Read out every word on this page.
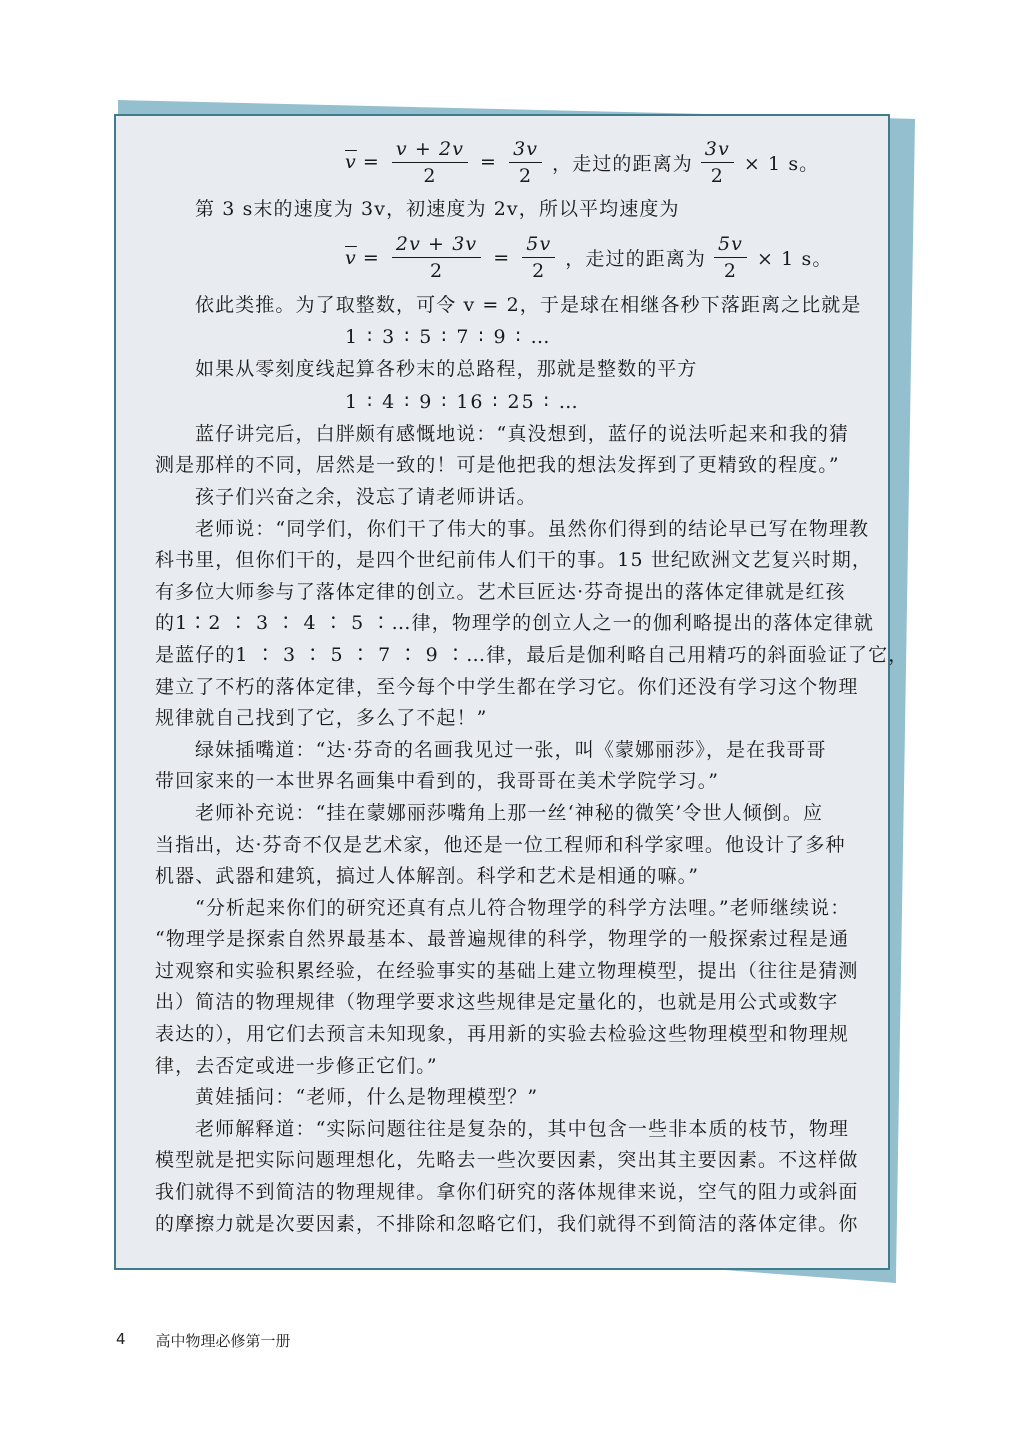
$\overline{v} = \frac{v + 2v}{2} = \frac{3v}{2}$ ，走过的距离为 $\frac{3v}{2} \times 1$ s。
第 3 s末的速度为 3v，初速度为 2v，所以平均速度为
$\overline{v} = \frac{2v + 3v}{2} = \frac{5v}{2}$ ，走过的距离为 $\frac{5v}{2} \times 1$ s。
依此类推。为了取整数，可令 v = 2，于是球在相继各秒下落距离之比就是
1 ∶ 3 ∶ 5 ∶ 7 ∶ 9 ∶ …
如果从零刻度线起算各秒末的总路程，那就是整数的平方
1 ∶ 4 ∶ 9 ∶ 16 ∶ 25 ∶ …
蓝仔讲完后，白胖颇有感慨地说：“真没想到，蓝仔的说法听起来和我的猜
测是那样的不同，居然是一致的！可是他把我的想法发挥到了更精致的程度。”
孩子们兴奋之余，没忘了请老师讲话。
老师说：“同学们，你们干了伟大的事。虽然你们得到的结论早已写在物理教
科书里，但你们干的，是四个世纪前伟人们干的事。15 世纪欧洲文艺复兴时期，
有多位大师参与了落体定律的创立。艺术巨匠达·芬奇提出的落体定律就是红孩
的1∶2 ∶ 3 ∶ 4 ∶ 5 ∶…律，物理学的创立人之一的伽利略提出的落体定律就
是蓝仔的1 ∶ 3 ∶ 5 ∶ 7 ∶ 9 ∶…律，最后是伽利略自己用精巧的斜面验证了它，
建立了不朽的落体定律，至今每个中学生都在学习它。你们还没有学习这个物理
规律就自己找到了它，多么了不起！”
绿妹插嘴道：“达·芬奇的名画我见过一张，叫《蒙娜丽莎》，是在我哥哥
带回家来的一本世界名画集中看到的，我哥哥在美术学院学习。”
老师补充说：“挂在蒙娜丽莎嘴角上那一丝‘神秘的微笑’令世人倾倒。应
当指出，达·芬奇不仅是艺术家，他还是一位工程师和科学家哩。他设计了多种
机器、武器和建筑，搞过人体解剖。科学和艺术是相通的嘛。”
“分析起来你们的研究还真有点儿符合物理学的科学方法哩。”老师继续说：
“物理学是探索自然界最基本、最普遍规律的科学，物理学的一般探索过程是通
过观察和实验积累经验，在经验事实的基础上建立物理模型，提出（往往是猜测
出）简洁的物理规律（物理学要求这些规律是定量化的，也就是用公式或数字
表达的），用它们去预言未知现象，再用新的实验去检验这些物理模型和物理规
律，去否定或进一步修正它们。”
黄娃插问：“老师，什么是物理模型？”
老师解释道：“实际问题往往是复杂的，其中包含一些非本质的枝节，物理
模型就是把实际问题理想化，先略去一些次要因素，突出其主要因素。不这样做
我们就得不到简洁的物理规律。拿你们研究的落体规律来说，空气的阻力或斜面
的摩擦力就是次要因素，不排除和忽略它们，我们就得不到简洁的落体定律。你
4 高中物理必修第一册
